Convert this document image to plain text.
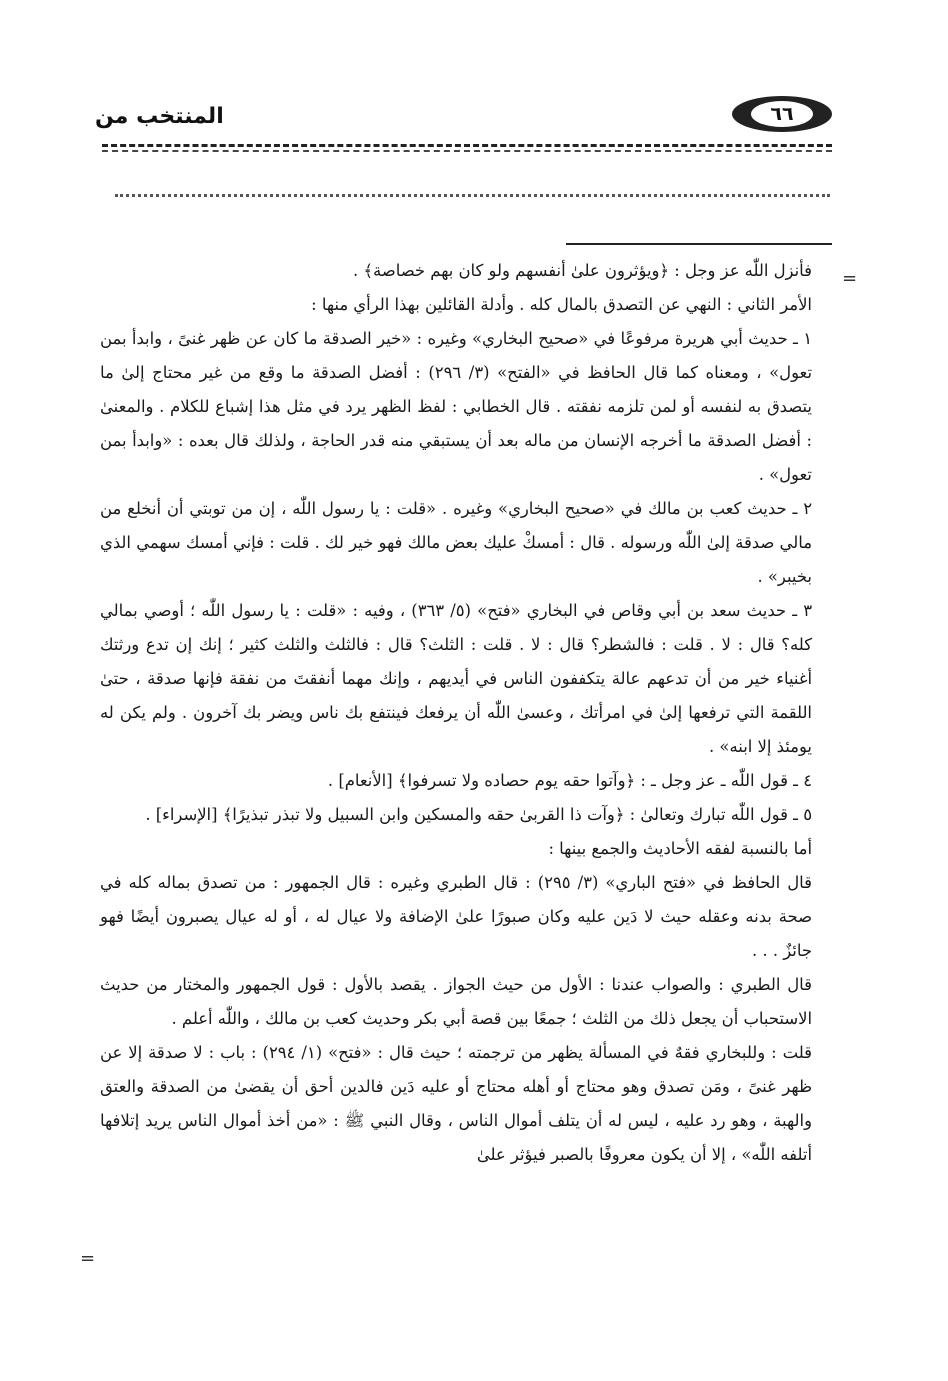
٦٦
المنتخب من
=
=

فأنزل اللّٰه عز وجل : ﴿ويؤثرون علىٰ أنفسهم ولو كان بهم خصاصة﴾ .

الأمر الثاني : النهي عن التصدق بالمال كله . وأدلة القائلين بهذا الرأي منها :

١ ـ حديث أبي هريرة مرفوعًا في «صحيح البخاري» وغيره : «خير الصدقة ما كان عن ظهر غنىً ، وابدأ بمن تعول» ، ومعناه كما قال الحافظ في «الفتح» (٣/ ٢٩٦) : أفضل الصدقة ما وقع من غير محتاج إلىٰ ما يتصدق به لنفسه أو لمن تلزمه نفقته . قال الخطابي : لفظ الظهر يرد في مثل هذا إشباع للكلام . والمعنىٰ : أفضل الصدقة ما أخرجه الإنسان من ماله بعد أن يستبقي منه قدر الحاجة ، ولذلك قال بعده : «وابدأ بمن تعول» .

٢ ـ حديث كعب بن مالك في «صحيح البخاري» وغيره . «قلت : يا رسول اللّٰه ، إن من توبتي أن أنخلع من مالي صدقة إلىٰ اللّٰه ورسوله . قال : أمسكْ عليك بعض مالك فهو خير لك . قلت : فإني أمسك سهمي الذي بخيبر» .

٣ ـ حديث سعد بن أبي وقاص في البخاري «فتح» (٥/ ٣٦٣) ، وفيه : «قلت : يا رسول اللّٰه ؛ أوصي بمالي كله؟ قال : لا . قلت : فالشطر؟ قال : لا . قلت : الثلث؟ قال : فالثلث والثلث كثير ؛ إنك إن تدع ورثتك أغنياء خير من أن تدعهم عالة يتكففون الناس في أيديهم ، وإنك مهما أنفقتَ من نفقة فإنها صدقة ، حتىٰ اللقمة التي ترفعها إلىٰ في امرأتك ، وعسىٰ اللّٰه أن يرفعك فينتفع بك ناس ويضر بك آخرون . ولم يكن له يومئذ إلا ابنه» .

٤ ـ قول اللّٰه ـ عز وجل ـ : ﴿وآتوا حقه يوم حصاده ولا تسرفوا﴾ [الأنعام] .

٥ ـ قول اللّٰه تبارك وتعالىٰ : ﴿وآت ذا القربىٰ حقه والمسكين وابن السبيل ولا تبذر تبذيرًا﴾ [الإسراء] .

أما بالنسبة لفقه الأحاديث والجمع بينها :

قال الحافظ في «فتح الباري» (٣/ ٢٩٥) : قال الطبري وغيره : قال الجمهور : من تصدق بماله كله في صحة بدنه وعقله حيث لا دَين عليه وكان صبورًا علىٰ الإضافة ولا عيال له ، أو له عيال يصبرون أيضًا فهو جائزٌ . . .

قال الطبري : والصواب عندنا : الأول من حيث الجواز . يقصد بالأول : قول الجمهور والمختار من حديث الاستحباب أن يجعل ذلك من الثلث ؛ جمعًا بين قصة أبي بكر وحديث كعب بن مالك ، واللّٰه أعلم .

قلت : وللبخاري فقهٌ في المسألة يظهر من ترجمته ؛ حيث قال : «فتح» (١/ ٢٩٤) : باب : لا صدقة إلا عن ظهر غنىً ، ومَن تصدق وهو محتاج أو أهله محتاج أو عليه دَين فالدين أحق أن يقضىٰ من الصدقة والعتق والهبة ، وهو رد عليه ، ليس له أن يتلف أموال الناس ، وقال النبي ﷺ : «من أخذ أموال الناس يريد إتلافها أتلفه اللّٰه» ، إلا أن يكون معروفًا بالصبر فيؤثر علىٰ
